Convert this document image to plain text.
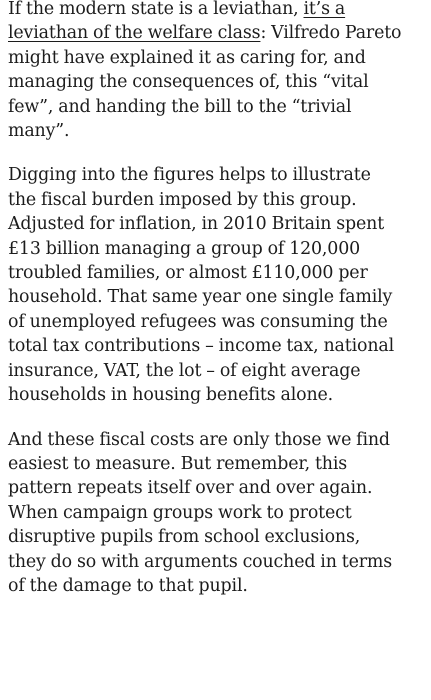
If the modern state is a leviathan, it’s a
leviathan of the welfare class: Vilfredo Pareto
might have explained it as caring for, and
managing the consequences of, this “vital
few”, and handing the bill to the “trivial
many”.

Digging into the figures helps to illustrate
the fiscal burden imposed by this group.
Adjusted for inflation, in 2010 Britain spent
£13 billion managing a group of 120,000
troubled families, or almost £110,000 per
household. That same year one single family
of unemployed refugees was consuming the
total tax contributions – income tax, national
insurance, VAT, the lot – of eight average
households in housing benefits alone.

And these fiscal costs are only those we find
easiest to measure. But remember, this
pattern repeats itself over and over again.
When campaign groups work to protect
disruptive pupils from school exclusions,
they do so with arguments couched in terms
of the damage to that pupil.
